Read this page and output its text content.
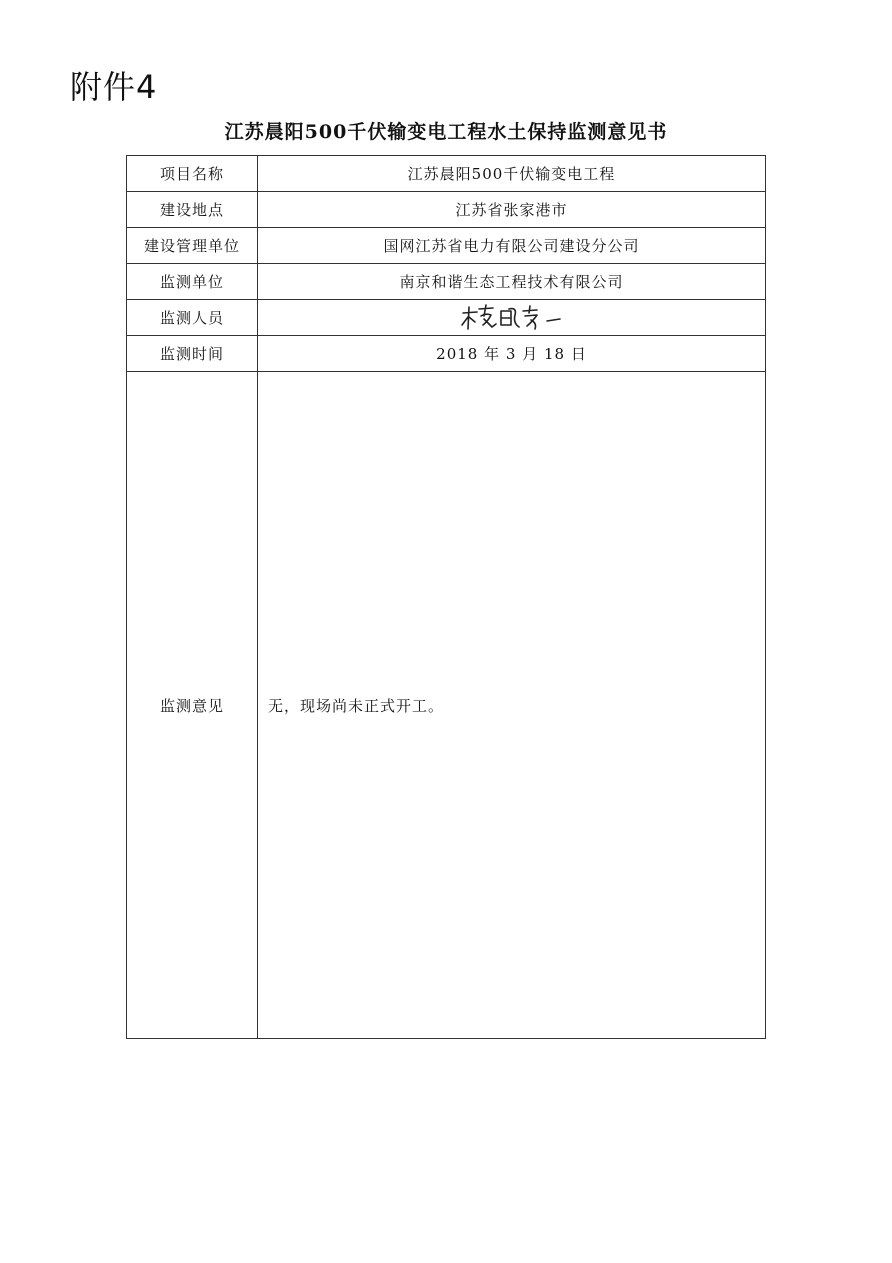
附件4
江苏晨阳500千伏输变电工程水土保持监测意见书
项目名称	江苏晨阳500千伏输变电工程
建设地点	江苏省张家港市
建设管理单位	国网江苏省电力有限公司建设分公司
监测单位	南京和谐生态工程技术有限公司
监测人员	

监测时间	2018 年 3 月 18 日
监测意见	无，现场尚未正式开工。
